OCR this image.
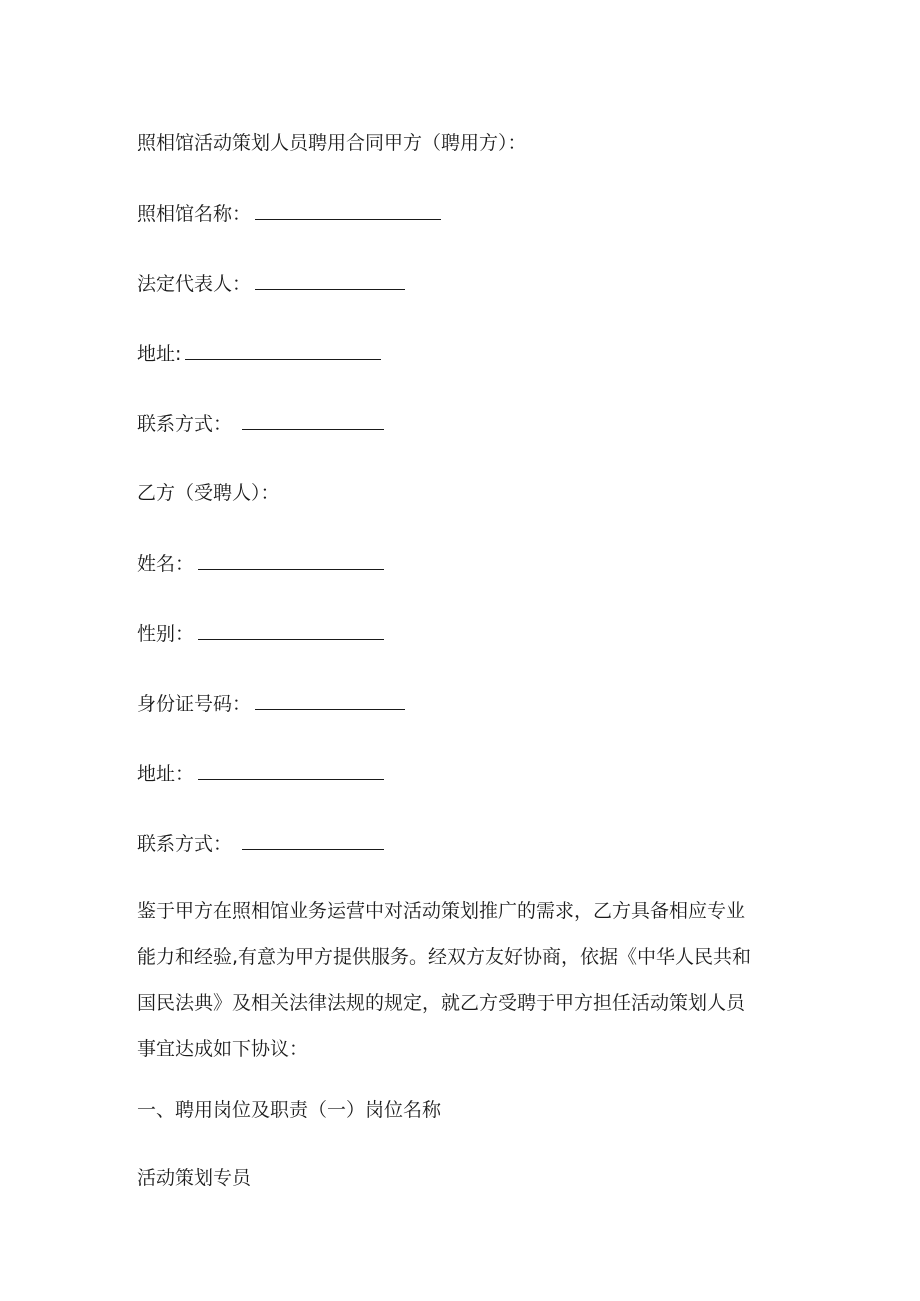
照相馆活动策划人员聘用合同甲方（聘用方）：
照相馆名称：
法定代表人：
地址:
联系方式：
乙方（受聘人）：
姓名：
性别：
身份证号码：
地址：
联系方式：
鉴于甲方在照相馆业务运营中对活动策划推广的需求，乙方具备相应专业
能力和经验,有意为甲方提供服务。经双方友好协商，依据《中华人民共和
国民法典》及相关法律法规的规定，就乙方受聘于甲方担任活动策划人员
事宜达成如下协议：
一、聘用岗位及职责（一）岗位名称
活动策划专员
